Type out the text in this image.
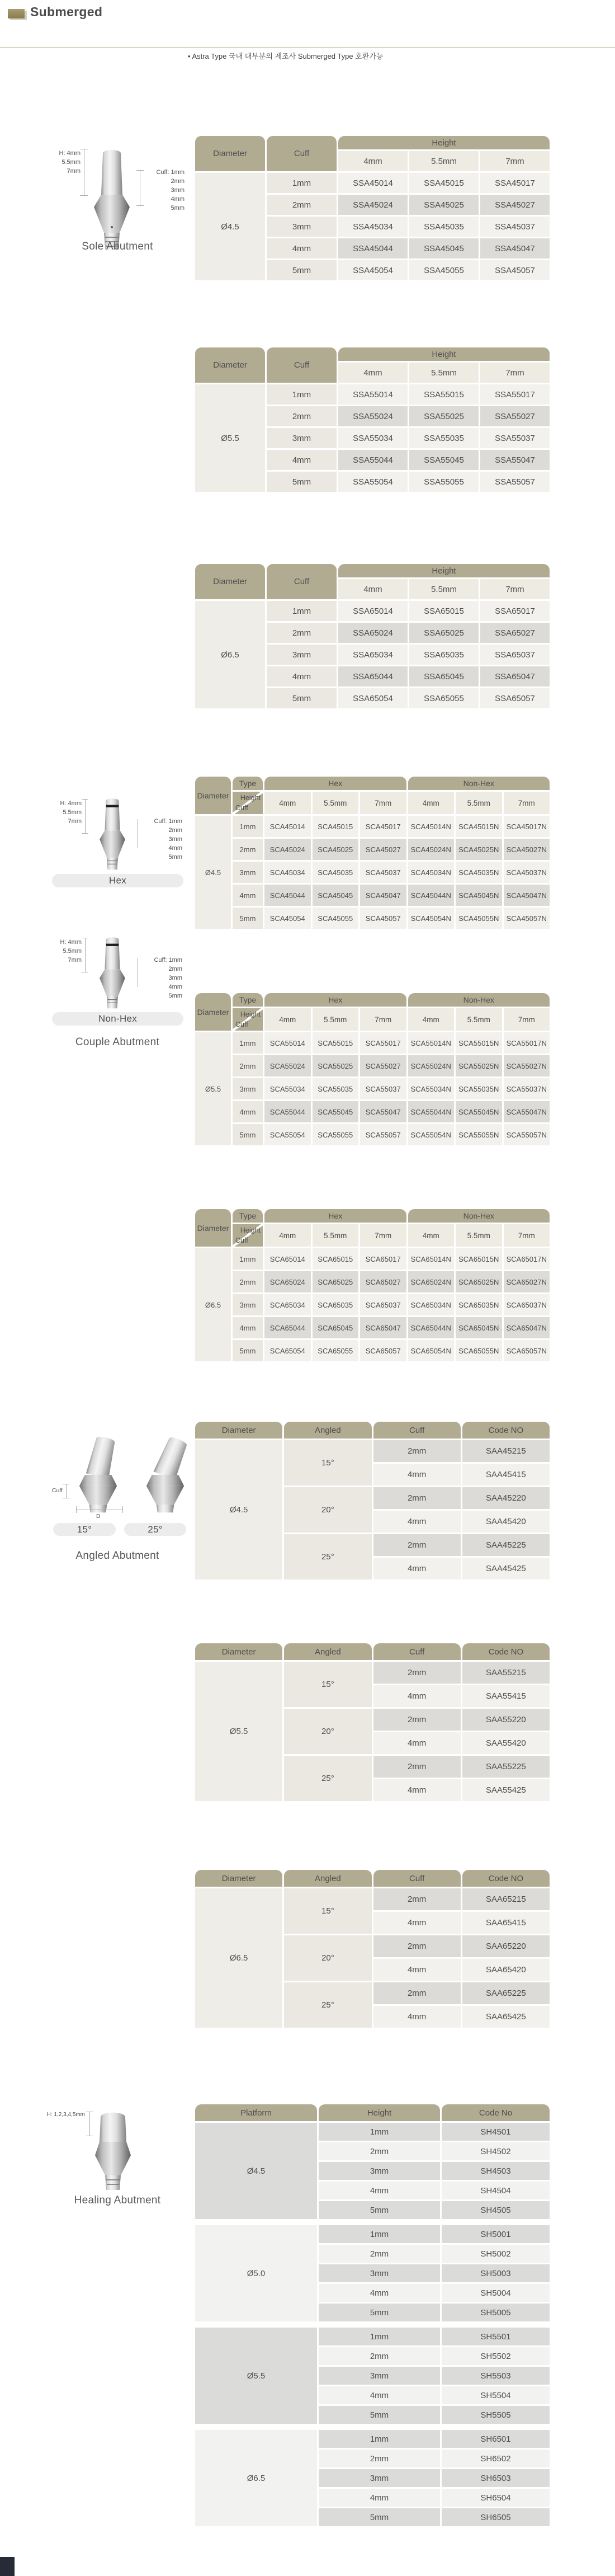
Submerged
• Astra Type 국내 대부분의 제조사 Submerged Type 호환가능
H: 4mm
5.5mm
7mm	Cuff: 1mm
2mm
3mm
4mm
5mm
Sole Abutment
Diameter	Cuff	Height		
		4mm	5.5mm	7mm
Ø4.5	1mm	SSA45014	SSA45015	SSA45017
	2mm	SSA45024	SSA45025	SSA45027
	3mm	SSA45034	SSA45035	SSA45037
	4mm	SSA45044	SSA45045	SSA45047
	5mm	SSA45054	SSA45055	SSA45057
Diameter	Cuff	Height		
		4mm	5.5mm	7mm
Ø5.5	1mm	SSA55014	SSA55015	SSA55017
	2mm	SSA55024	SSA55025	SSA55027
	3mm	SSA55034	SSA55035	SSA55037
	4mm	SSA55044	SSA55045	SSA55047
	5mm	SSA55054	SSA55055	SSA55057
Diameter	Cuff	Height		
		4mm	5.5mm	7mm
Ø6.5	1mm	SSA65014	SSA65015	SSA65017
	2mm	SSA65024	SSA65025	SSA65027
	3mm	SSA65034	SSA65035	SSA65037
	4mm	SSA65044	SSA65045	SSA65047
	5mm	SSA65054	SSA65055	SSA65057
H: 4mm
5.5mm
7mm	Cuff: 1mm
2mm
3mm
4mm
5mm
Hex
H: 4mm
5.5mm
7mm	Cuff: 1mm
2mm
3mm
4mm
5mm
Non-Hex
Couple Abutment
Diameter	Type	Hex			Non-Hex		

	Height
Cuff	4mm	5.5mm	7mm	4mm	5.5mm	7mm
Ø4.5	1mm	SCA45014	SCA45015	SCA45017	SCA45014N	SCA45015N	SCA45017N
	2mm	SCA45024	SCA45025	SCA45027	SCA45024N	SCA45025N	SCA45027N
	3mm	SCA45034	SCA45035	SCA45037	SCA45034N	SCA45035N	SCA45037N
	4mm	SCA45044	SCA45045	SCA45047	SCA45044N	SCA45045N	SCA45047N
	5mm	SCA45054	SCA45055	SCA45057	SCA45054N	SCA45055N	SCA45057N
Diameter	Type	Hex			Non-Hex		

	Height
Cuff	4mm	5.5mm	7mm	4mm	5.5mm	7mm
Ø5.5	1mm	SCA55014	SCA55015	SCA55017	SCA55014N	SCA55015N	SCA55017N
	2mm	SCA55024	SCA55025	SCA55027	SCA55024N	SCA55025N	SCA55027N
	3mm	SCA55034	SCA55035	SCA55037	SCA55034N	SCA55035N	SCA55037N
	4mm	SCA55044	SCA55045	SCA55047	SCA55044N	SCA55045N	SCA55047N
	5mm	SCA55054	SCA55055	SCA55057	SCA55054N	SCA55055N	SCA55057N
Diameter	Type	Hex			Non-Hex		

	Height
Cuff	4mm	5.5mm	7mm	4mm	5.5mm	7mm
Ø6.5	1mm	SCA65014	SCA65015	SCA65017	SCA65014N	SCA65015N	SCA65017N
	2mm	SCA65024	SCA65025	SCA65027	SCA65024N	SCA65025N	SCA65027N
	3mm	SCA65034	SCA65035	SCA65037	SCA65034N	SCA65035N	SCA65037N
	4mm	SCA65044	SCA65045	SCA65047	SCA65044N	SCA65045N	SCA65047N
	5mm	SCA65054	SCA65055	SCA65057	SCA65054N	SCA65055N	SCA65057N
Cuff
D
15°	25°
Angled Abutment
Diameter	Angled	Cuff	Code NO
Ø4.5	15°	2mm	SAA45215
		4mm	SAA45415
	20°	2mm	SAA45220
		4mm	SAA45420
	25°	2mm	SAA45225
		4mm	SAA45425
Diameter	Angled	Cuff	Code NO
Ø5.5	15°	2mm	SAA55215
		4mm	SAA55415
	20°	2mm	SAA55220
		4mm	SAA55420
	25°	2mm	SAA55225
		4mm	SAA55425
Diameter	Angled	Cuff	Code NO
Ø6.5	15°	2mm	SAA65215
		4mm	SAA65415
	20°	2mm	SAA65220
		4mm	SAA65420
	25°	2mm	SAA65225
		4mm	SAA65425
H: 1,2,3,4,5mm
Healing Abutment
Platform	Height	Code No
Ø4.5	1mm	SH4501
	2mm	SH4502
	3mm	SH4503
	4mm	SH4504
	5mm	SH4505

Ø5.0	1mm	SH5001
	2mm	SH5002
	3mm	SH5003
	4mm	SH5004
	5mm	SH5005

Ø5.5	1mm	SH5501
	2mm	SH5502
	3mm	SH5503
	4mm	SH5504
	5mm	SH5505

Ø6.5	1mm	SH6501
	2mm	SH6502
	3mm	SH6503
	4mm	SH6504
	5mm	SH6505
